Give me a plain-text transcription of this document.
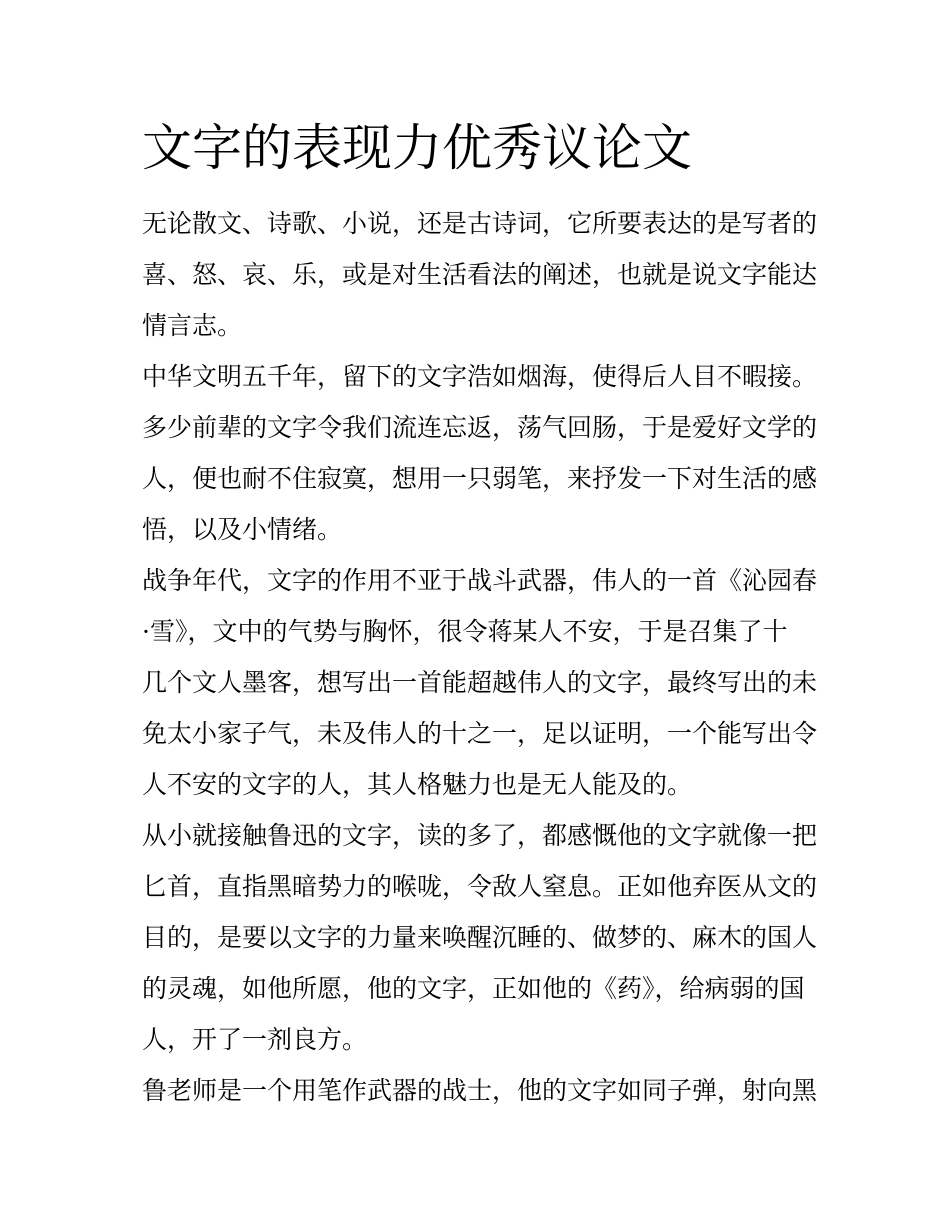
文字的表现力优秀议论文
无论散文、诗歌、小说，还是古诗词，它所要表达的是写者的
喜、怒、哀、乐，或是对生活看法的阐述，也就是说文字能达
情言志。
中华文明五千年，留下的文字浩如烟海，使得后人目不暇接。
多少前辈的文字令我们流连忘返，荡气回肠，于是爱好文学的
人，便也耐不住寂寞，想用一只弱笔，来抒发一下对生活的感
悟，以及小情绪。
战争年代，文字的作用不亚于战斗武器，伟人的一首《沁园春
·雪》，文中的气势与胸怀，很令蒋某人不安，于是召集了十
几个文人墨客，想写出一首能超越伟人的文字，最终写出的未
免太小家子气，未及伟人的十之一，足以证明，一个能写出令
人不安的文字的人，其人格魅力也是无人能及的。
从小就接触鲁迅的文字，读的多了，都感慨他的文字就像一把
匕首，直指黑暗势力的喉咙，令敌人窒息。正如他弃医从文的
目的，是要以文字的力量来唤醒沉睡的、做梦的、麻木的国人
的灵魂，如他所愿，他的文字，正如他的《药》，给病弱的国
人，开了一剂良方。
鲁老师是一个用笔作武器的战士，他的文字如同子弹，射向黑
